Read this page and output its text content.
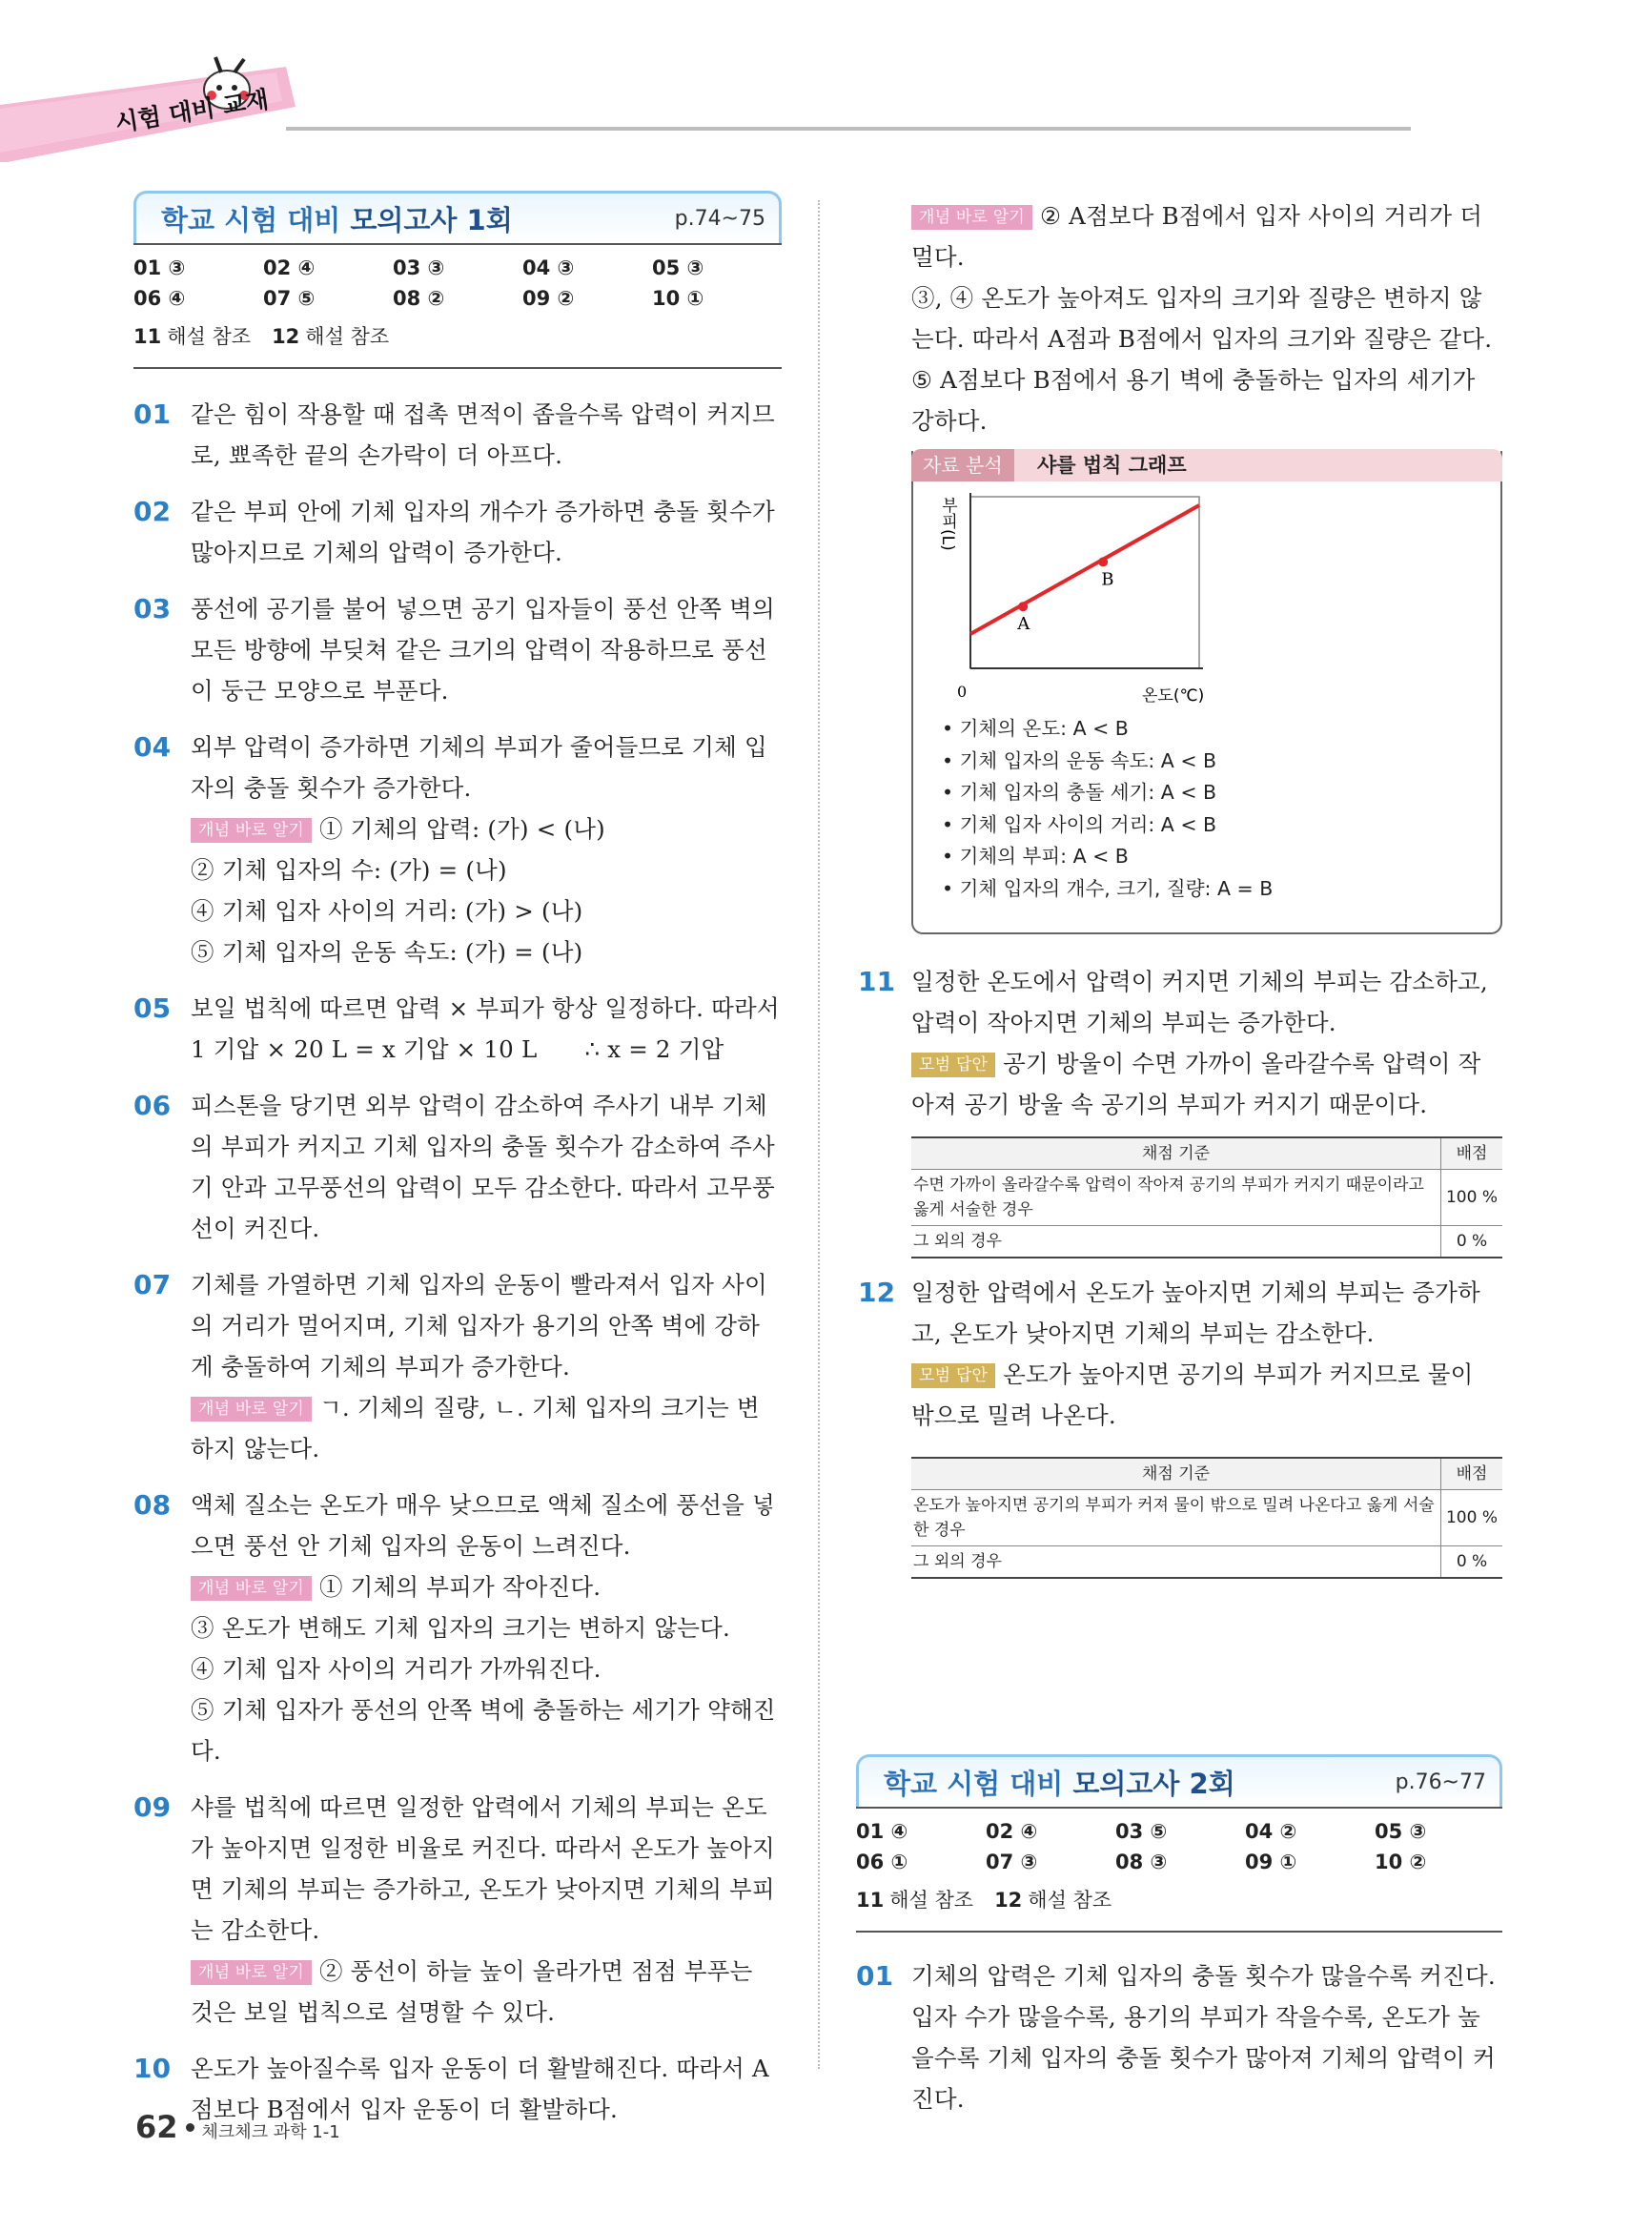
시험 대비 교재
학교 시험 대비 모의고사 1회	p.74~75
01 ③	02 ④	03 ③	04 ③	05 ③
06 ④	07 ⑤	08 ②	09 ②	10 ①
11 해설 참조 12 해설 참조
01 같은 힘이 작용할 때 접촉 면적이 좁을수록 압력이 커지므로, 뾰족한 끝의 손가락이 더 아프다.
02 같은 부피 안에 기체 입자의 개수가 증가하면 충돌 횟수가 많아지므로 기체의 압력이 증가한다.
03 풍선에 공기를 불어 넣으면 공기 입자들이 풍선 안쪽 벽의 모든 방향에 부딪쳐 같은 크기의 압력이 작용하므로 풍선이 둥근 모양으로 부푼다.
04 외부 압력이 증가하면 기체의 부피가 줄어들므로 기체 입자의 충돌 횟수가 증가한다.
개념 바로 알기 ① 기체의 압력: (가) < (나)
② 기체 입자의 수: (가) = (나)
④ 기체 입자 사이의 거리: (가) > (나)
⑤ 기체 입자의 운동 속도: (가) = (나)
05 보일 법칙에 따르면 압력 × 부피가 항상 일정하다. 따라서
1 기압 × 20 L = x 기압 × 10 L ∴ x = 2 기압
06 피스톤을 당기면 외부 압력이 감소하여 주사기 내부 기체의 부피가 커지고 기체 입자의 충돌 횟수가 감소하여 주사기 안과 고무풍선의 압력이 모두 감소한다. 따라서 고무풍선이 커진다.
07 기체를 가열하면 기체 입자의 운동이 빨라져서 입자 사이의 거리가 멀어지며, 기체 입자가 용기의 안쪽 벽에 강하게 충돌하여 기체의 부피가 증가한다.
개념 바로 알기 ㄱ. 기체의 질량, ㄴ. 기체 입자의 크기는 변하지 않는다.
08 액체 질소는 온도가 매우 낮으므로 액체 질소에 풍선을 넣으면 풍선 안 기체 입자의 운동이 느려진다.
개념 바로 알기 ① 기체의 부피가 작아진다.
③ 온도가 변해도 기체 입자의 크기는 변하지 않는다.
④ 기체 입자 사이의 거리가 가까워진다.
⑤ 기체 입자가 풍선의 안쪽 벽에 충돌하는 세기가 약해진다.
09 샤를 법칙에 따르면 일정한 압력에서 기체의 부피는 온도가 높아지면 일정한 비율로 커진다. 따라서 온도가 높아지면 기체의 부피는 증가하고, 온도가 낮아지면 기체의 부피는 감소한다.
개념 바로 알기 ② 풍선이 하늘 높이 올라가면 점점 부푸는 것은 보일 법칙으로 설명할 수 있다.
10 온도가 높아질수록 입자 운동이 더 활발해진다. 따라서 A점보다 B점에서 입자 운동이 더 활발하다.
개념 바로 알기 ② A점보다 B점에서 입자 사이의 거리가 더 멀다.
③, ④ 온도가 높아져도 입자의 크기와 질량은 변하지 않는다. 따라서 A점과 B점에서 입자의 크기와 질량은 같다.
⑤ A점보다 B점에서 용기 벽에 충돌하는 입자의 세기가 강하다.
자료 분석	샤를 법칙 그래프
A
B
0	온도(℃)
부피(L)
• 기체의 온도: A < B
• 기체 입자의 운동 속도: A < B
• 기체 입자의 충돌 세기: A < B
• 기체 입자 사이의 거리: A < B
• 기체의 부피: A < B
• 기체 입자의 개수, 크기, 질량: A = B
11 일정한 온도에서 압력이 커지면 기체의 부피는 감소하고, 압력이 작아지면 기체의 부피는 증가한다.
모범 답안 공기 방울이 수면 가까이 올라갈수록 압력이 작아져 공기 방울 속 공기의 부피가 커지기 때문이다.
채점 기준	배점
수면 가까이 올라갈수록 압력이 작아져 공기의 부피가 커지기 때문이라고 옳게 서술한 경우	100 %
그 외의 경우	0 %
12 일정한 압력에서 온도가 높아지면 기체의 부피는 증가하고, 온도가 낮아지면 기체의 부피는 감소한다.
모범 답안 온도가 높아지면 공기의 부피가 커지므로 물이 밖으로 밀려 나온다.
채점 기준	배점
온도가 높아지면 공기의 부피가 커져 물이 밖으로 밀려 나온다고 옳게 서술한 경우	100 %
그 외의 경우	0 %
학교 시험 대비 모의고사 2회	p.76~77
01 ④	02 ④	03 ⑤	04 ②	05 ③
06 ①	07 ③	08 ③	09 ①	10 ②
11 해설 참조 12 해설 참조
01 기체의 압력은 기체 입자의 충돌 횟수가 많을수록 커진다. 입자 수가 많을수록, 용기의 부피가 작을수록, 온도가 높을수록 기체 입자의 충돌 횟수가 많아져 기체의 압력이 커진다.
62 체크체크 과학 1-1
